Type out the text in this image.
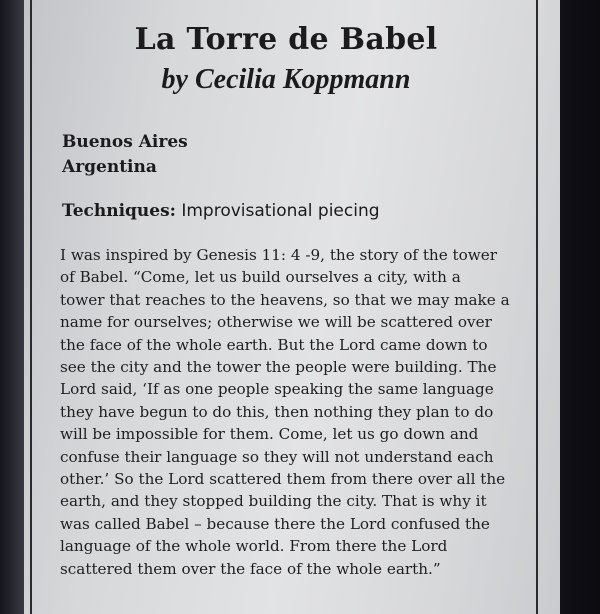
La Torre de Babel
by Cecilia Koppmann
Buenos Aires
Argentina
Techniques: Improvisational piecing
I was inspired by Genesis 11: 4 -9, the story of the tower
of Babel. “Come, let us build ourselves a city, with a
tower that reaches to the heavens, so that we may make a
name for ourselves; otherwise we will be scattered over
the face of the whole earth. But the Lord came down to
see the city and the tower the people were building. The
Lord said, ‘If as one people speaking the same language
they have begun to do this, then nothing they plan to do
will be impossible for them. Come, let us go down and
confuse their language so they will not understand each
other.’ So the Lord scattered them from there over all the
earth, and they stopped building the city. That is why it
was called Babel – because there the Lord confused the
language of the whole world. From there the Lord
scattered them over the face of the whole earth.”
